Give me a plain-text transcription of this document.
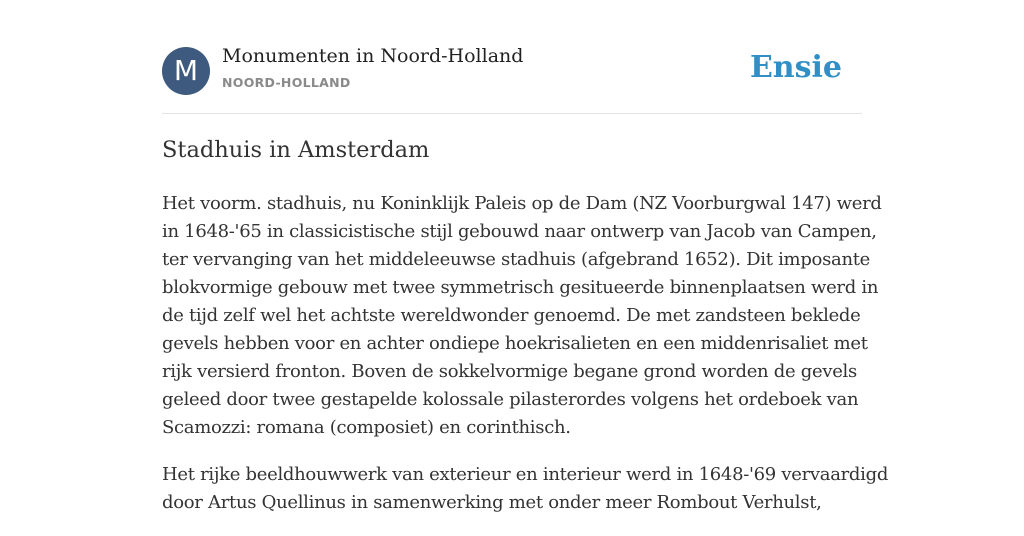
M	Monumenten in Noord-Holland
NOORD-HOLLAND	Ensie
Stadhuis in Amsterdam

Het voorm. stadhuis, nu Koninklijk Paleis op de Dam (NZ Voorburgwal 147) werd
in 1648-'65 in classicistische stijl gebouwd naar ontwerp van Jacob van Campen,
ter vervanging van het middeleeuwse stadhuis (afgebrand 1652). Dit imposante
blokvormige gebouw met twee symmetrisch gesitueerde binnenplaatsen werd in
de tijd zelf wel het achtste wereldwonder genoemd. De met zandsteen beklede
gevels hebben voor en achter ondiepe hoekrisalieten en een middenrisaliet met
rijk versierd fronton. Boven de sokkelvormige begane grond worden de gevels
geleed door twee gestapelde kolossale pilasterordes volgens het ordeboek van
Scamozzi: romana (composiet) en corinthisch.

Het rijke beeldhouwwerk van exterieur en interieur werd in 1648-'69 vervaardigd
door Artus Quellinus in samenwerking met onder meer Rombout Verhulst,
